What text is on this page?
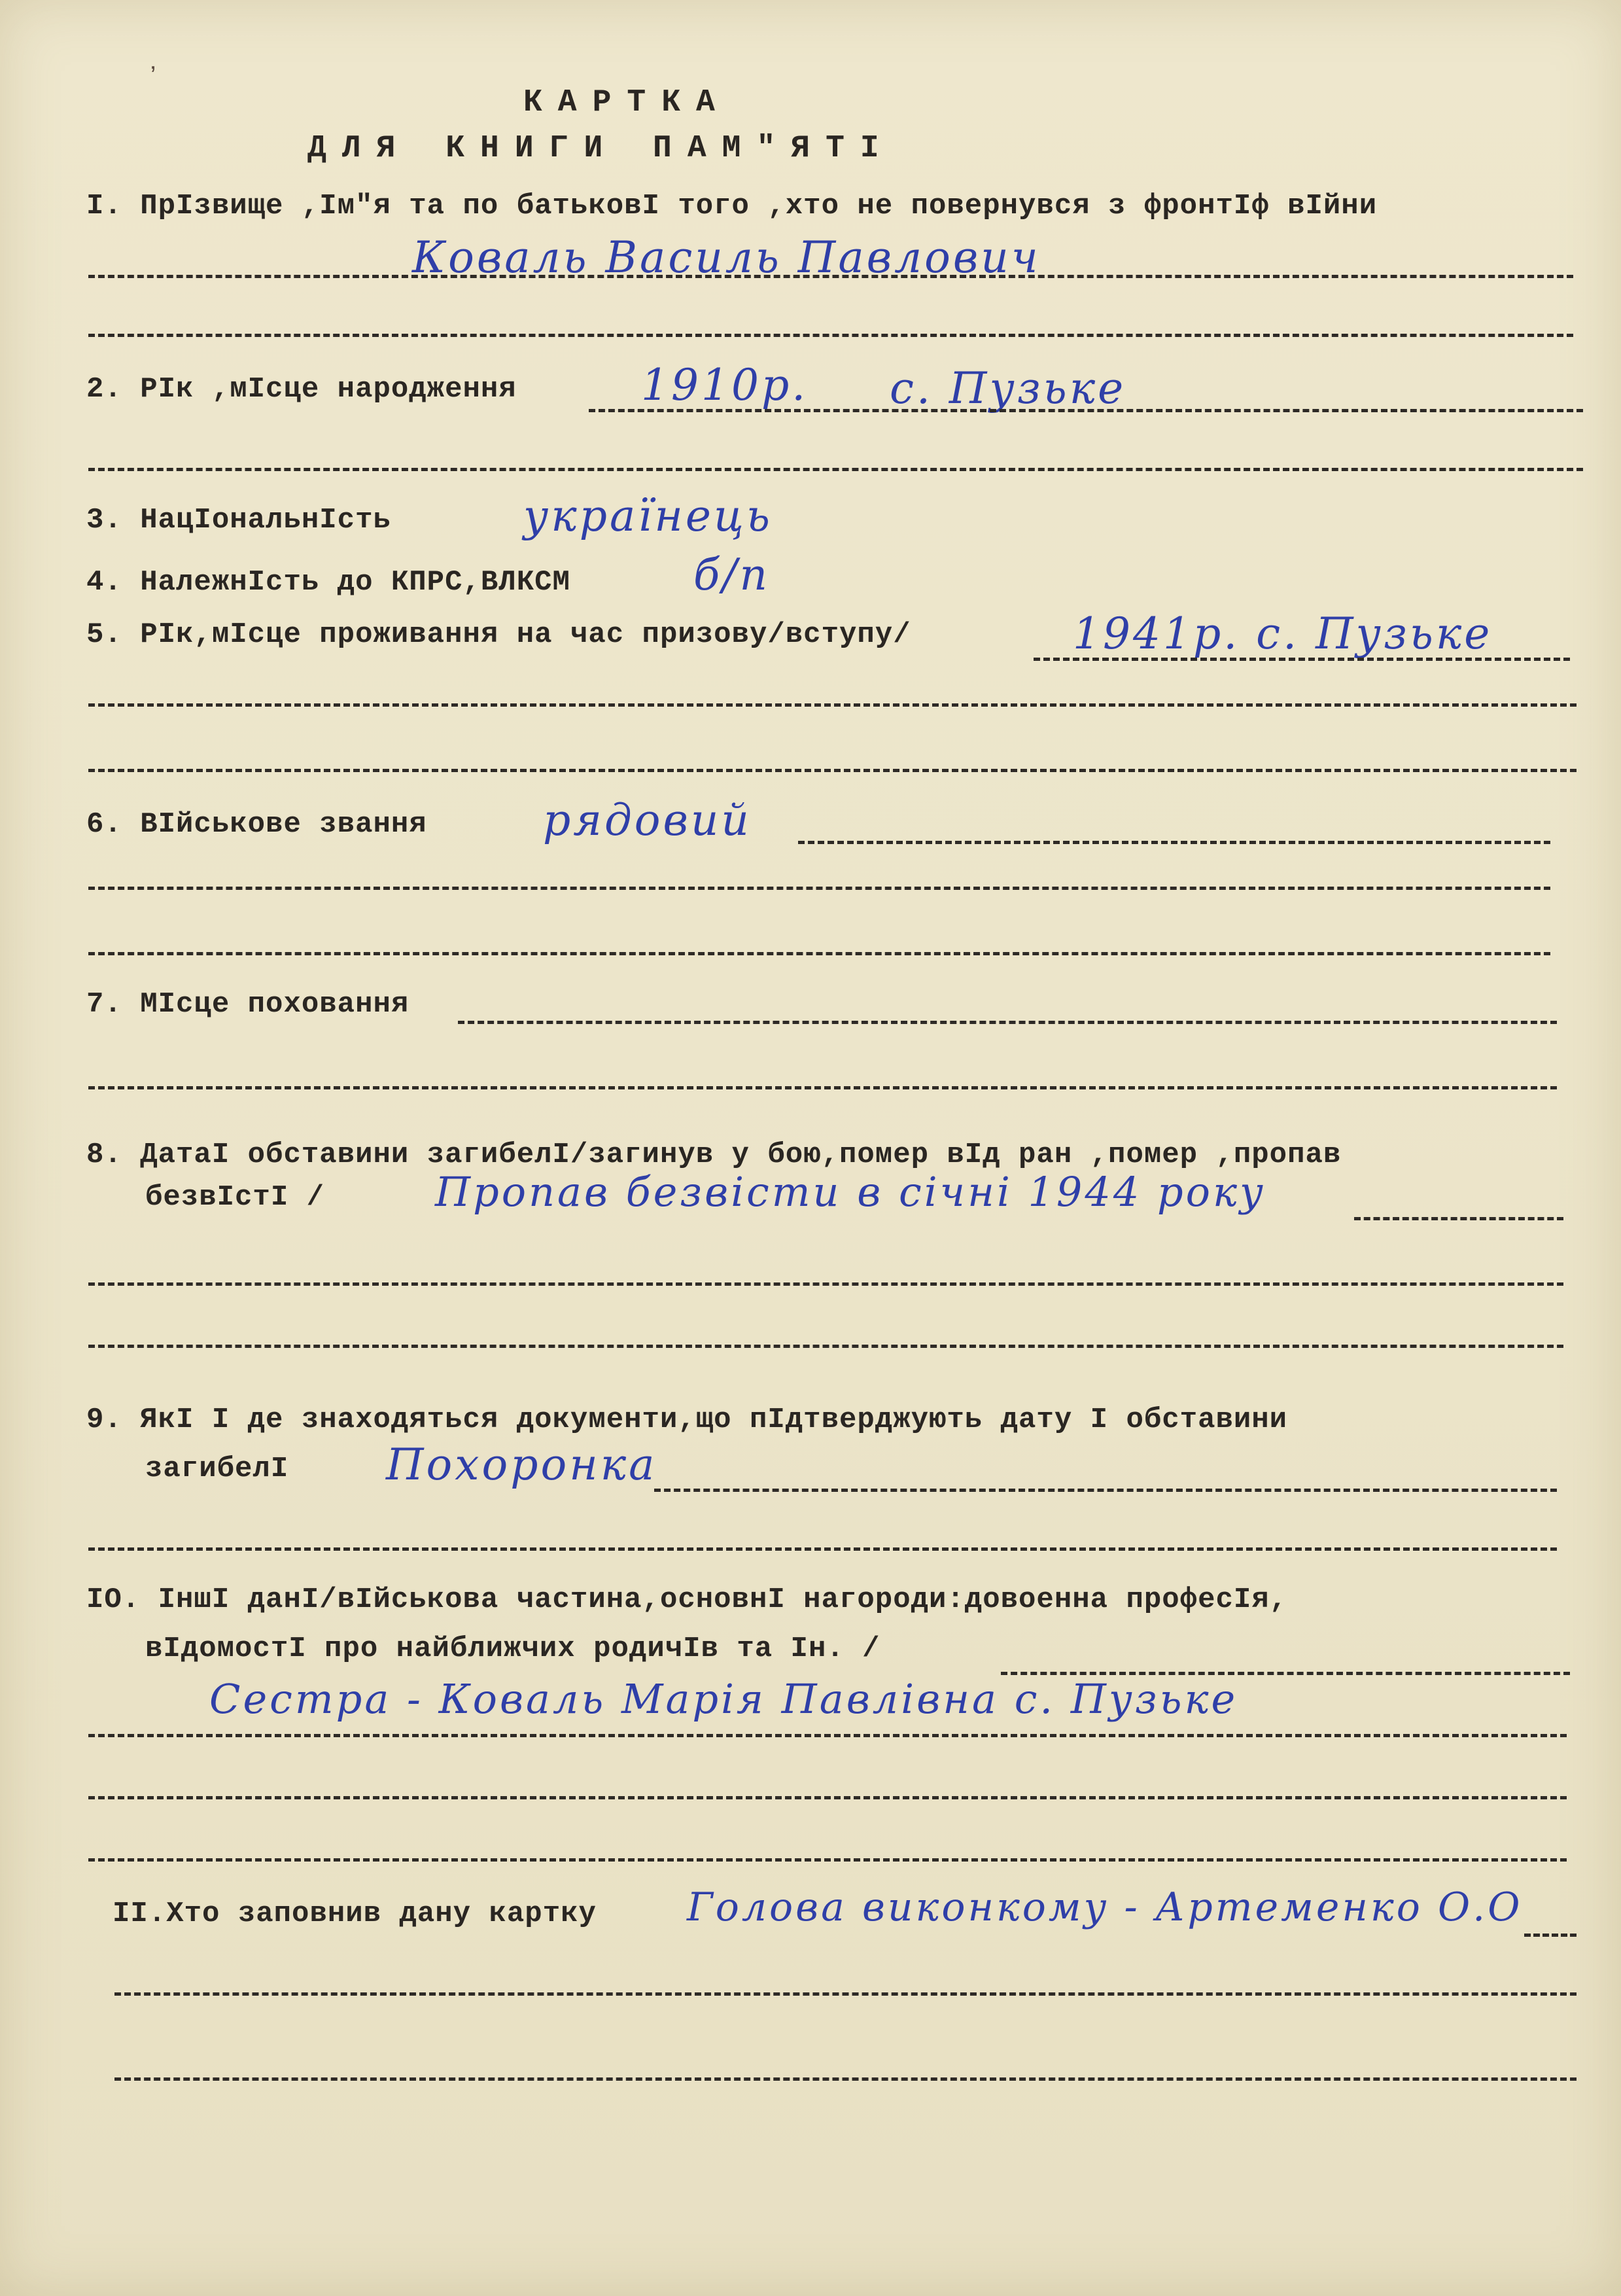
ʼ

КАРТКА

ДЛЯ КНИГИ ПАМ"ЯТІ

I. ПрIзвище ,Iм"я та по батьковI того ,хто не повернувся з фронтIф вIйни

Коваль Василь Павлович

2. РIк ,мIсце народження	1910р. с. Пузьке

3. НацIональнIсть	українець

4. НалежнIсть до КПРС,ВЛКСМ	б/п

5. РIк,мIсце проживання на час призову/вступу/	1941р. с. Пузьке

6. ВIйськове звання	рядовий

7. МIсце поховання

8. ДатаI обставини загибелI/загинув у бою,помер вIд ран ,помер ,пропав

безвIстI /	Пропав безвісти в січні 1944 року

9. ЯкI I де знаходяться документи,що пIдтверджують дату I обставини

загибелI Похоронка

IO. IншI данI/вIйськова частина,основнI нагороди:довоенна професIя,

вIдомостI про найближчих родичIв та Iн. /

Сестра - Коваль Марія Павлівна с. Пузьке

II.Хто заповнив дану картку Голова виконкому - Артеменко О.О
